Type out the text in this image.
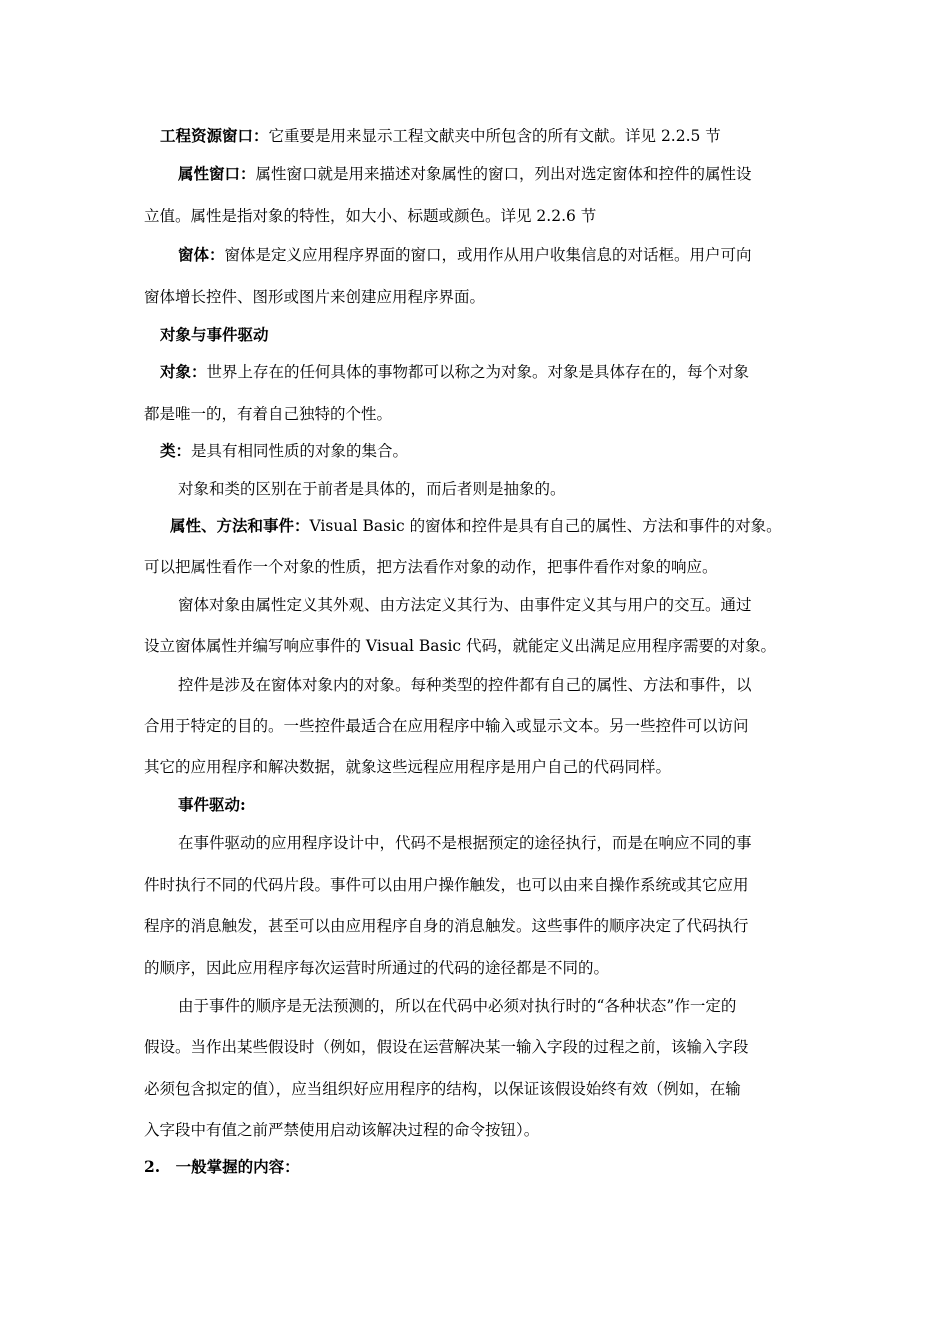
工程资源窗口：它重要是用来显示工程文献夹中所包含的所有文献。详见 2.2.5 节
属性窗口：属性窗口就是用来描述对象属性的窗口，列出对选定窗体和控件的属性设
立值。属性是指对象的特性，如大小、标题或颜色。详见 2.2.6 节
窗体：窗体是定义应用程序界面的窗口，或用作从用户收集信息的对话框。用户可向
窗体增长控件、图形或图片来创建应用程序界面。
对象与事件驱动
对象：世界上存在的任何具体的事物都可以称之为对象。对象是具体存在的，每个对象
都是唯一的，有着自己独特的个性。
类：是具有相同性质的对象的集合。
对象和类的区别在于前者是具体的，而后者则是抽象的。
属性、方法和事件：Visual Basic 的窗体和控件是具有自己的属性、方法和事件的对象。
可以把属性看作一个对象的性质，把方法看作对象的动作，把事件看作对象的响应。
窗体对象由属性定义其外观、由方法定义其行为、由事件定义其与用户的交互。通过
设立窗体属性并编写响应事件的 Visual Basic 代码，就能定义出满足应用程序需要的对象。
控件是涉及在窗体对象内的对象。每种类型的控件都有自己的属性、方法和事件，以
合用于特定的目的。一些控件最适合在应用程序中输入或显示文本。另一些控件可以访问
其它的应用程序和解决数据，就象这些远程应用程序是用户自己的代码同样。
事件驱动:
在事件驱动的应用程序设计中，代码不是根据预定的途径执行，而是在响应不同的事
件时执行不同的代码片段。事件可以由用户操作触发，也可以由来自操作系统或其它应用
程序的消息触发，甚至可以由应用程序自身的消息触发。这些事件的顺序决定了代码执行
的顺序，因此应用程序每次运营时所通过的代码的途径都是不同的。
由于事件的顺序是无法预测的，所以在代码中必须对执行时的“各种状态”作一定的
假设。当作出某些假设时（例如，假设在运营解决某一输入字段的过程之前，该输入字段
必须包含拟定的值），应当组织好应用程序的结构，以保证该假设始终有效（例如，在输
入字段中有值之前严禁使用启动该解决过程的命令按钮）。
2.　一般掌握的内容：
